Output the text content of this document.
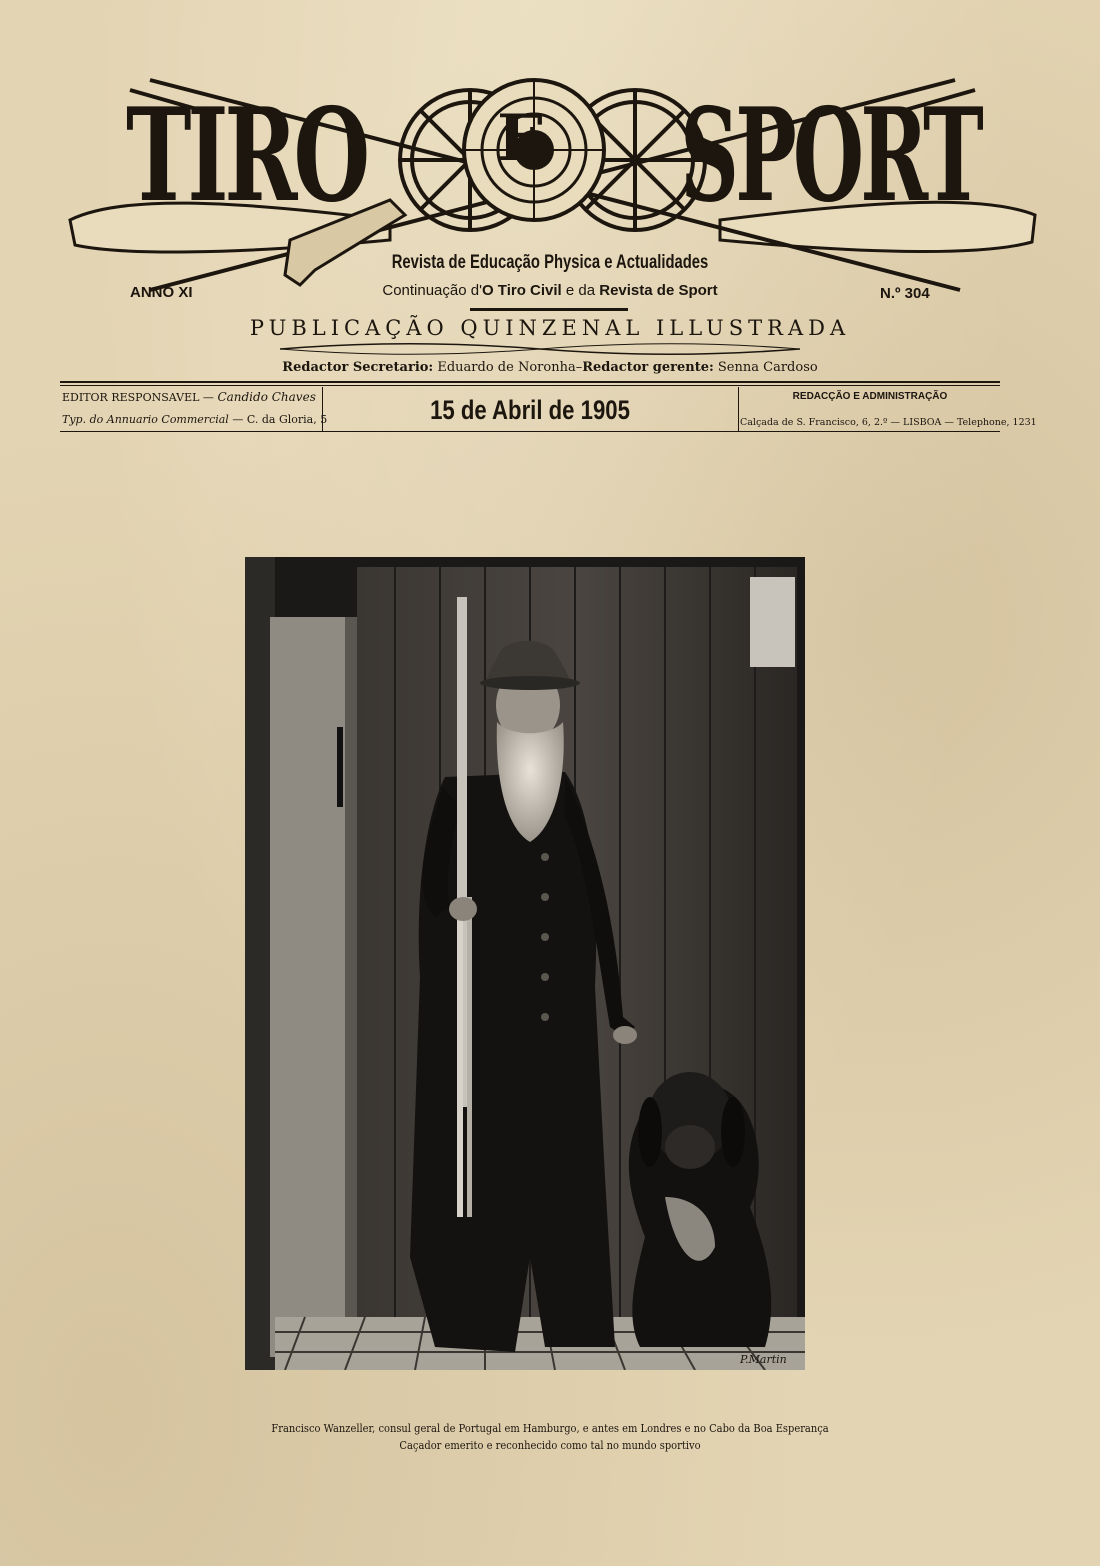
TIRO E SPORT
Revista de Educação Physica e Actualidades
Continuação d'O Tiro Civil e da Revista de Sport
ANNO XI	N.º 304
PUBLICAÇÃO QUINZENAL ILLUSTRADA
Redactor Secretario: Eduardo de Noronha–Redactor gerente: Senna Cardoso
EDITOR RESPONSAVEL — Candido Chaves
Typ. do Annuario Commercial — C. da Gloria, 5	15 de Abril de 1905	REDACÇÃO E ADMINISTRAÇÃO
Calçada de S. Francisco, 6, 2.º — LISBOA — Telephone, 1231
P.Martin
Francisco Wanzeller, consul geral de Portugal em Hamburgo, e antes em Londres e no Cabo da Boa Esperança
Caçador emerito e reconhecido como tal no mundo sportivo
